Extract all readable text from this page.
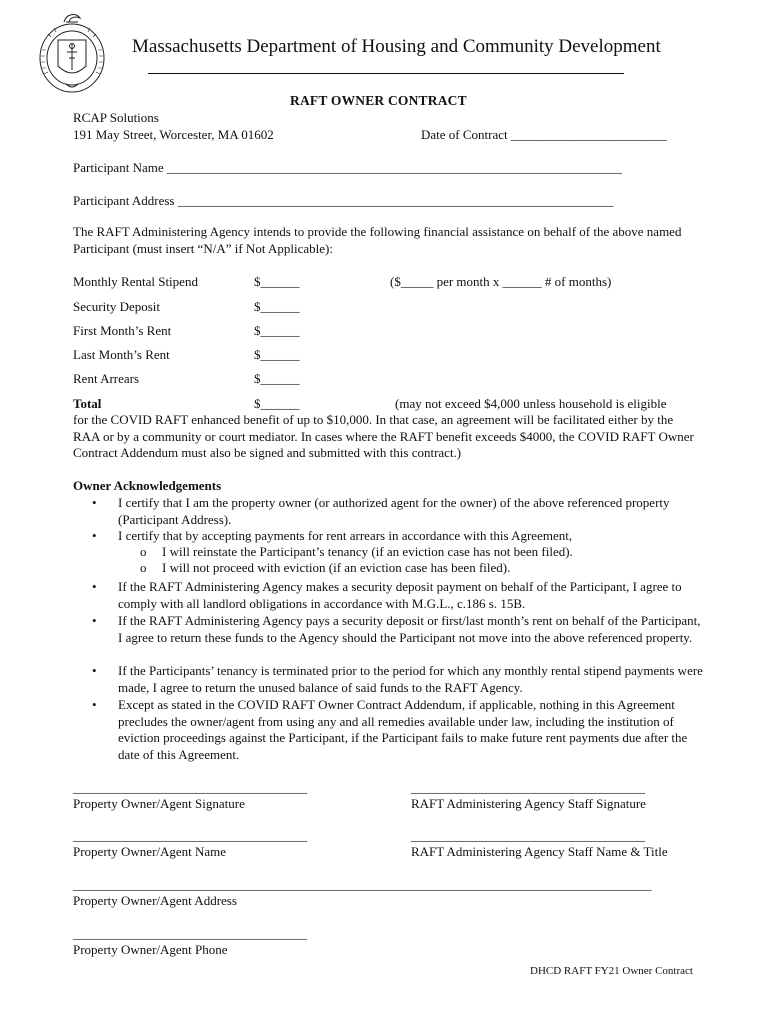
Massachusetts Department of Housing and Community Development
RAFT OWNER CONTRACT
RCAP Solutions
191 May Street, Worcester, MA 01602	Date of Contract ________________________
Participant Name ______________________________________________________________________
Participant Address ___________________________________________________________________
The RAFT Administering Agency intends to provide the following financial assistance on behalf of the above named Participant (must insert “N/A” if Not Applicable):
Monthly Rental Stipend	$______	($_____ per month x ______ # of months)
Security Deposit	$______
First Month’s Rent	$______
Last Month’s Rent	$______
Rent Arrears	$______
Total	$______	(may not exceed $4,000 unless household is eligible
for the COVID RAFT enhanced benefit of up to $10,000. In that case, an agreement will be facilitated either by the RAA or by a community or court mediator. In cases where the RAFT benefit exceeds $4000, the COVID RAFT Owner Contract Addendum must also be signed and submitted with this contract.)
Owner Acknowledgements
•	I certify that I am the property owner (or authorized agent for the owner) of the above referenced property (Participant Address).
•	I certify that by accepting payments for rent arrears in accordance with this Agreement,
o I will reinstate the Participant’s tenancy (if an eviction case has not been filed).
o I will not proceed with eviction (if an eviction case has been filed).
•	If the RAFT Administering Agency makes a security deposit payment on behalf of the Participant, I agree to comply with all landlord obligations in accordance with M.G.L., c.186 s. 15B.
•	If the RAFT Administering Agency pays a security deposit or first/last month’s rent on behalf of the Participant, I agree to return these funds to the Agency should the Participant not move into the above referenced property.
•	If the Participants’ tenancy is terminated prior to the period for which any monthly rental stipend payments were made, I agree to return the unused balance of said funds to the RAFT Agency.
•	Except as stated in the COVID RAFT Owner Contract Addendum, if applicable, nothing in this Agreement precludes the owner/agent from using any and all remedies available under law, including the institution of eviction proceedings against the Participant, if the Participant fails to make future rent payments due after the date of this Agreement.
____________________________________
Property Owner/Agent Signature
____________________________________
RAFT Administering Agency Staff Signature
____________________________________
Property Owner/Agent Name
____________________________________
RAFT Administering Agency Staff Name & Title
_________________________________________________________________________________________
Property Owner/Agent Address
____________________________________
Property Owner/Agent Phone
DHCD RAFT FY21 Owner Contract
